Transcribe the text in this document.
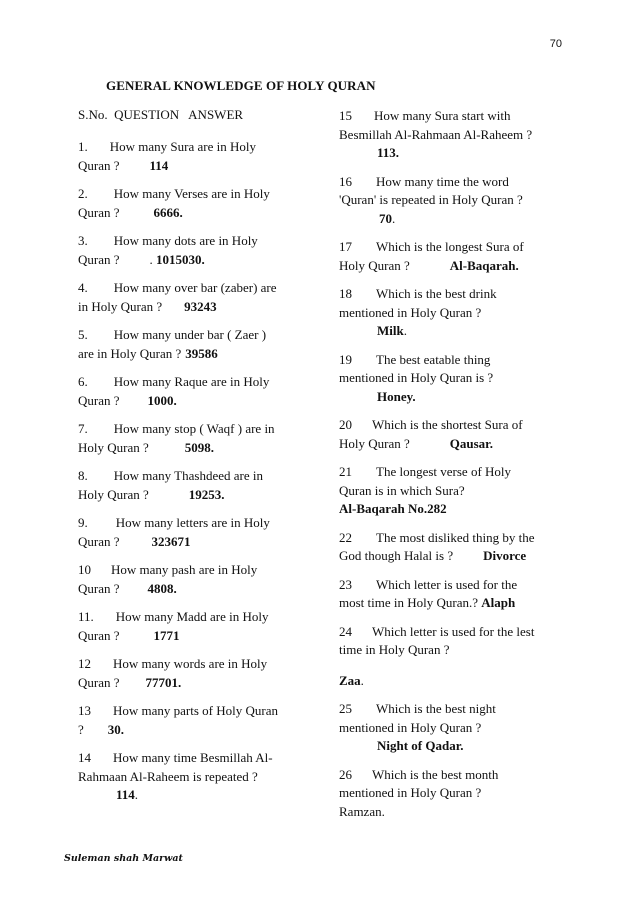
70
GENERAL KNOWLEDGE OF HOLY QURAN
S.No. QUESTION ANSWER
1. How many Sura are in Holy
Quran ? 114
2. How many Verses are in Holy
Quran ?	6666.
3. How many dots are in Holy
Quran ? . 1015030.
4. How many over bar (zaber) are
in Holy Quran ? 93243
5. How many under bar ( Zaer )
are in Holy Quran ? 39586
6. How many Raque are in Holy
Quran ? 1000.
7. How many stop ( Waqf ) are in
Holy Quran ?	5098.
8. How many Thashdeed are in
Holy Quran ?	19253.
9. How many letters are in Holy
Quran ? 323671
10 How many pash are in Holy
Quran ? 4808.
11. How many Madd are in Holy
Quran ?	1771
12 How many words are in Holy
Quran ? 77701.
13 How many parts of Holy Quran
? 30.
14 How many time Besmillah Al-
Rahmaan Al-Raheem is repeated ?
114.
15 How many Sura start with
Besmillah Al-Rahmaan Al-Raheem ?
113.
16 How many time the word
'Quran' is repeated in Holy Quran ?
70.
17 Which is the longest Sura of
Holy Quran ?	Al-Baqarah.
18 Which is the best drink
mentioned in Holy Quran ?
Milk.
19 The best eatable thing
mentioned in Holy Quran is ?
Honey.
20 Which is the shortest Sura of
Holy Quran ?	Qausar.
21 The longest verse of Holy
Quran is in which Sura?
Al-Baqarah No.282
22 The most disliked thing by the
God though Halal is ? Divorce
23 Which letter is used for the
most time in Holy Quran.? Alaph
24 Which letter is used for the lest
time in Holy Quran ?
Zaa.
25 Which is the best night
mentioned in Holy Quran ?
Night of Qadar.
26 Which is the best month
mentioned in Holy Quran ?
Ramzan.
Suleman shah Marwat
